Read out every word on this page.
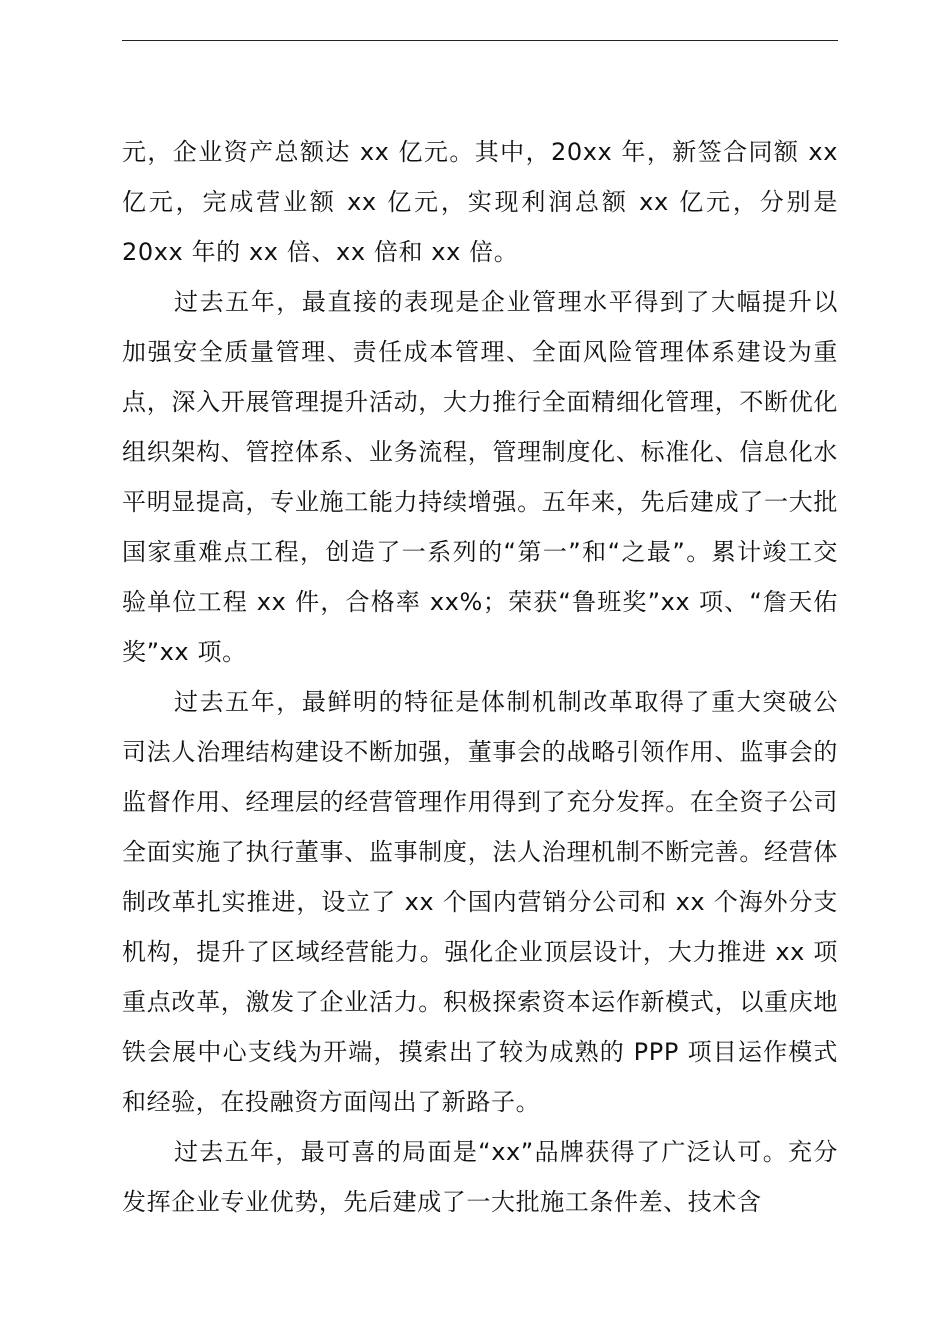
元，企业资产总额达 xx 亿元。其中，20xx 年，新签合同额 xx 亿元，完成营业额 xx 亿元，实现利润总额 xx 亿元，分别是 20xx 年的 xx 倍、xx 倍和 xx 倍。

过去五年，最直接的表现是企业管理水平得到了大幅提升以加强安全质量管理、责任成本管理、全面风险管理体系建设为重点，深入开展管理提升活动，大力推行全面精细化管理，不断优化组织架构、管控体系、业务流程，管理制度化、标准化、信息化水平明显提高，专业施工能力持续增强。五年来，先后建成了一大批国家重难点工程，创造了一系列的“第一”和“之最”。累计竣工交验单位工程 xx 件，合格率 xx%；荣获“鲁班奖”xx 项、“詹天佑奖”xx 项。

过去五年，最鲜明的特征是体制机制改革取得了重大突破公司法人治理结构建设不断加强，董事会的战略引领作用、监事会的监督作用、经理层的经营管理作用得到了充分发挥。在全资子公司全面实施了执行董事、监事制度，法人治理机制不断完善。经营体制改革扎实推进，设立了 xx 个国内营销分公司和 xx 个海外分支机构，提升了区域经营能力。强化企业顶层设计，大力推进 xx 项重点改革，激发了企业活力。积极探索资本运作新模式，以重庆地铁会展中心支线为开端，摸索出了较为成熟的 PPP 项目运作模式和经验，在投融资方面闯出了新路子。

过去五年，最可喜的局面是“xx”品牌获得了广泛认可。充分发挥企业专业优势，先后建成了一大批施工条件差、技术含
